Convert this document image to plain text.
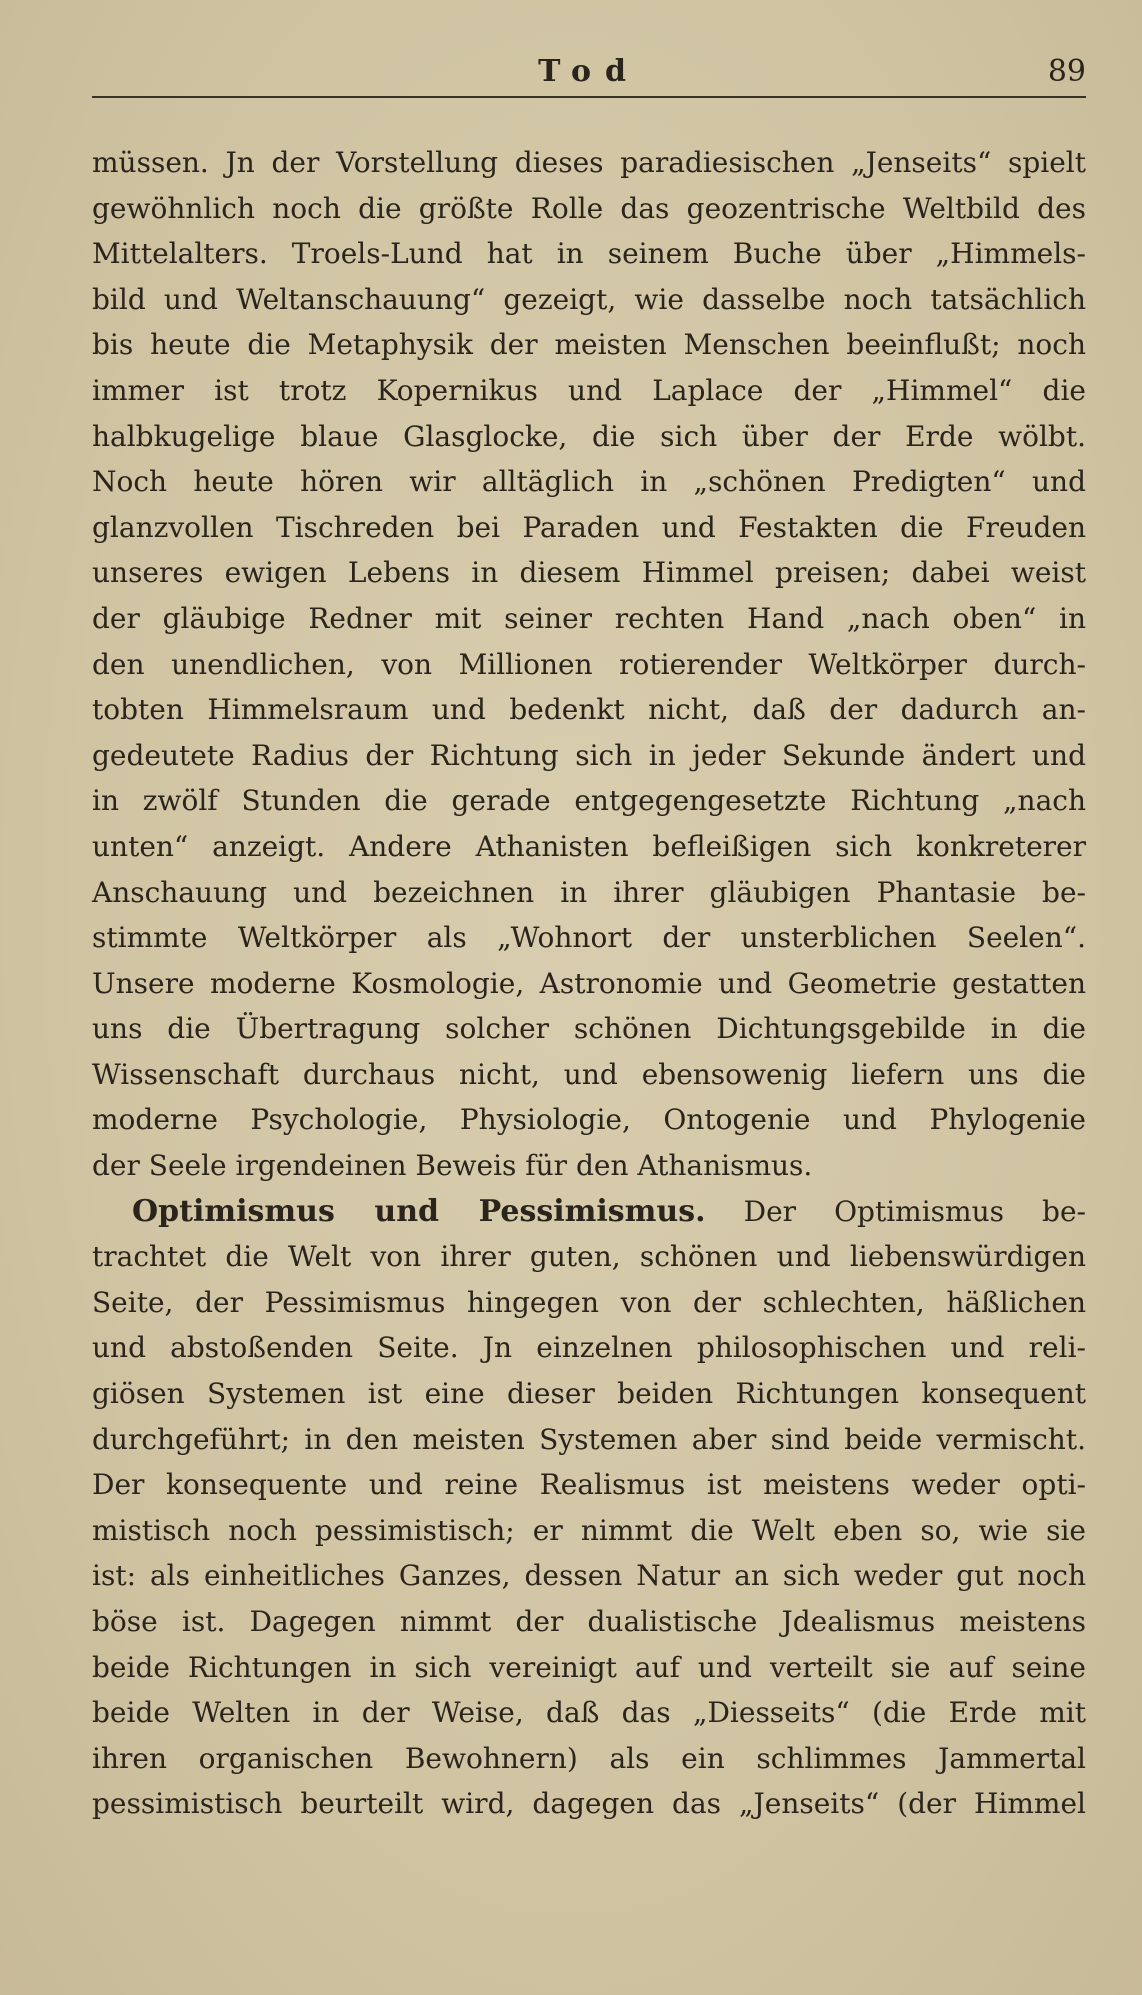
Tod	89
müssen. Jn der Vorstellung dieses paradiesischen „Jenseits“ spielt
gewöhnlich noch die größte Rolle das geozentrische Weltbild des
Mittelalters. Troels-Lund hat in seinem Buche über „Himmels-
bild und Weltanschauung“ gezeigt, wie dasselbe noch tatsächlich
bis heute die Metaphysik der meisten Menschen beeinflußt; noch
immer ist trotz Kopernikus und Laplace der „Himmel“ die
halbkugelige blaue Glasglocke, die sich über der Erde wölbt.
Noch heute hören wir alltäglich in „schönen Predigten“ und
glanzvollen Tischreden bei Paraden und Festakten die Freuden
unseres ewigen Lebens in diesem Himmel preisen; dabei weist
der gläubige Redner mit seiner rechten Hand „nach oben“ in
den unendlichen, von Millionen rotierender Weltkörper durch-
tobten Himmelsraum und bedenkt nicht, daß der dadurch an-
gedeutete Radius der Richtung sich in jeder Sekunde ändert und
in zwölf Stunden die gerade entgegengesetzte Richtung „nach
unten“ anzeigt. Andere Athanisten befleißigen sich konkreterer
Anschauung und bezeichnen in ihrer gläubigen Phantasie be-
stimmte Weltkörper als „Wohnort der unsterblichen Seelen“.
Unsere moderne Kosmologie, Astronomie und Geometrie gestatten
uns die Übertragung solcher schönen Dichtungsgebilde in die
Wissenschaft durchaus nicht, und ebensowenig liefern uns die
moderne Psychologie, Physiologie, Ontogenie und Phylogenie
der Seele irgendeinen Beweis für den Athanismus.
Optimismus und Pessimismus. Der Optimismus be-
trachtet die Welt von ihrer guten, schönen und liebenswürdigen
Seite, der Pessimismus hingegen von der schlechten, häßlichen
und abstoßenden Seite. Jn einzelnen philosophischen und reli-
giösen Systemen ist eine dieser beiden Richtungen konsequent
durchgeführt; in den meisten Systemen aber sind beide vermischt.
Der konsequente und reine Realismus ist meistens weder opti-
mistisch noch pessimistisch; er nimmt die Welt eben so, wie sie
ist: als einheitliches Ganzes, dessen Natur an sich weder gut noch
böse ist. Dagegen nimmt der dualistische Jdealismus meistens
beide Richtungen in sich vereinigt auf und verteilt sie auf seine
beide Welten in der Weise, daß das „Diesseits“ (die Erde mit
ihren organischen Bewohnern) als ein schlimmes Jammertal
pessimistisch beurteilt wird, dagegen das „Jenseits“ (der Himmel
